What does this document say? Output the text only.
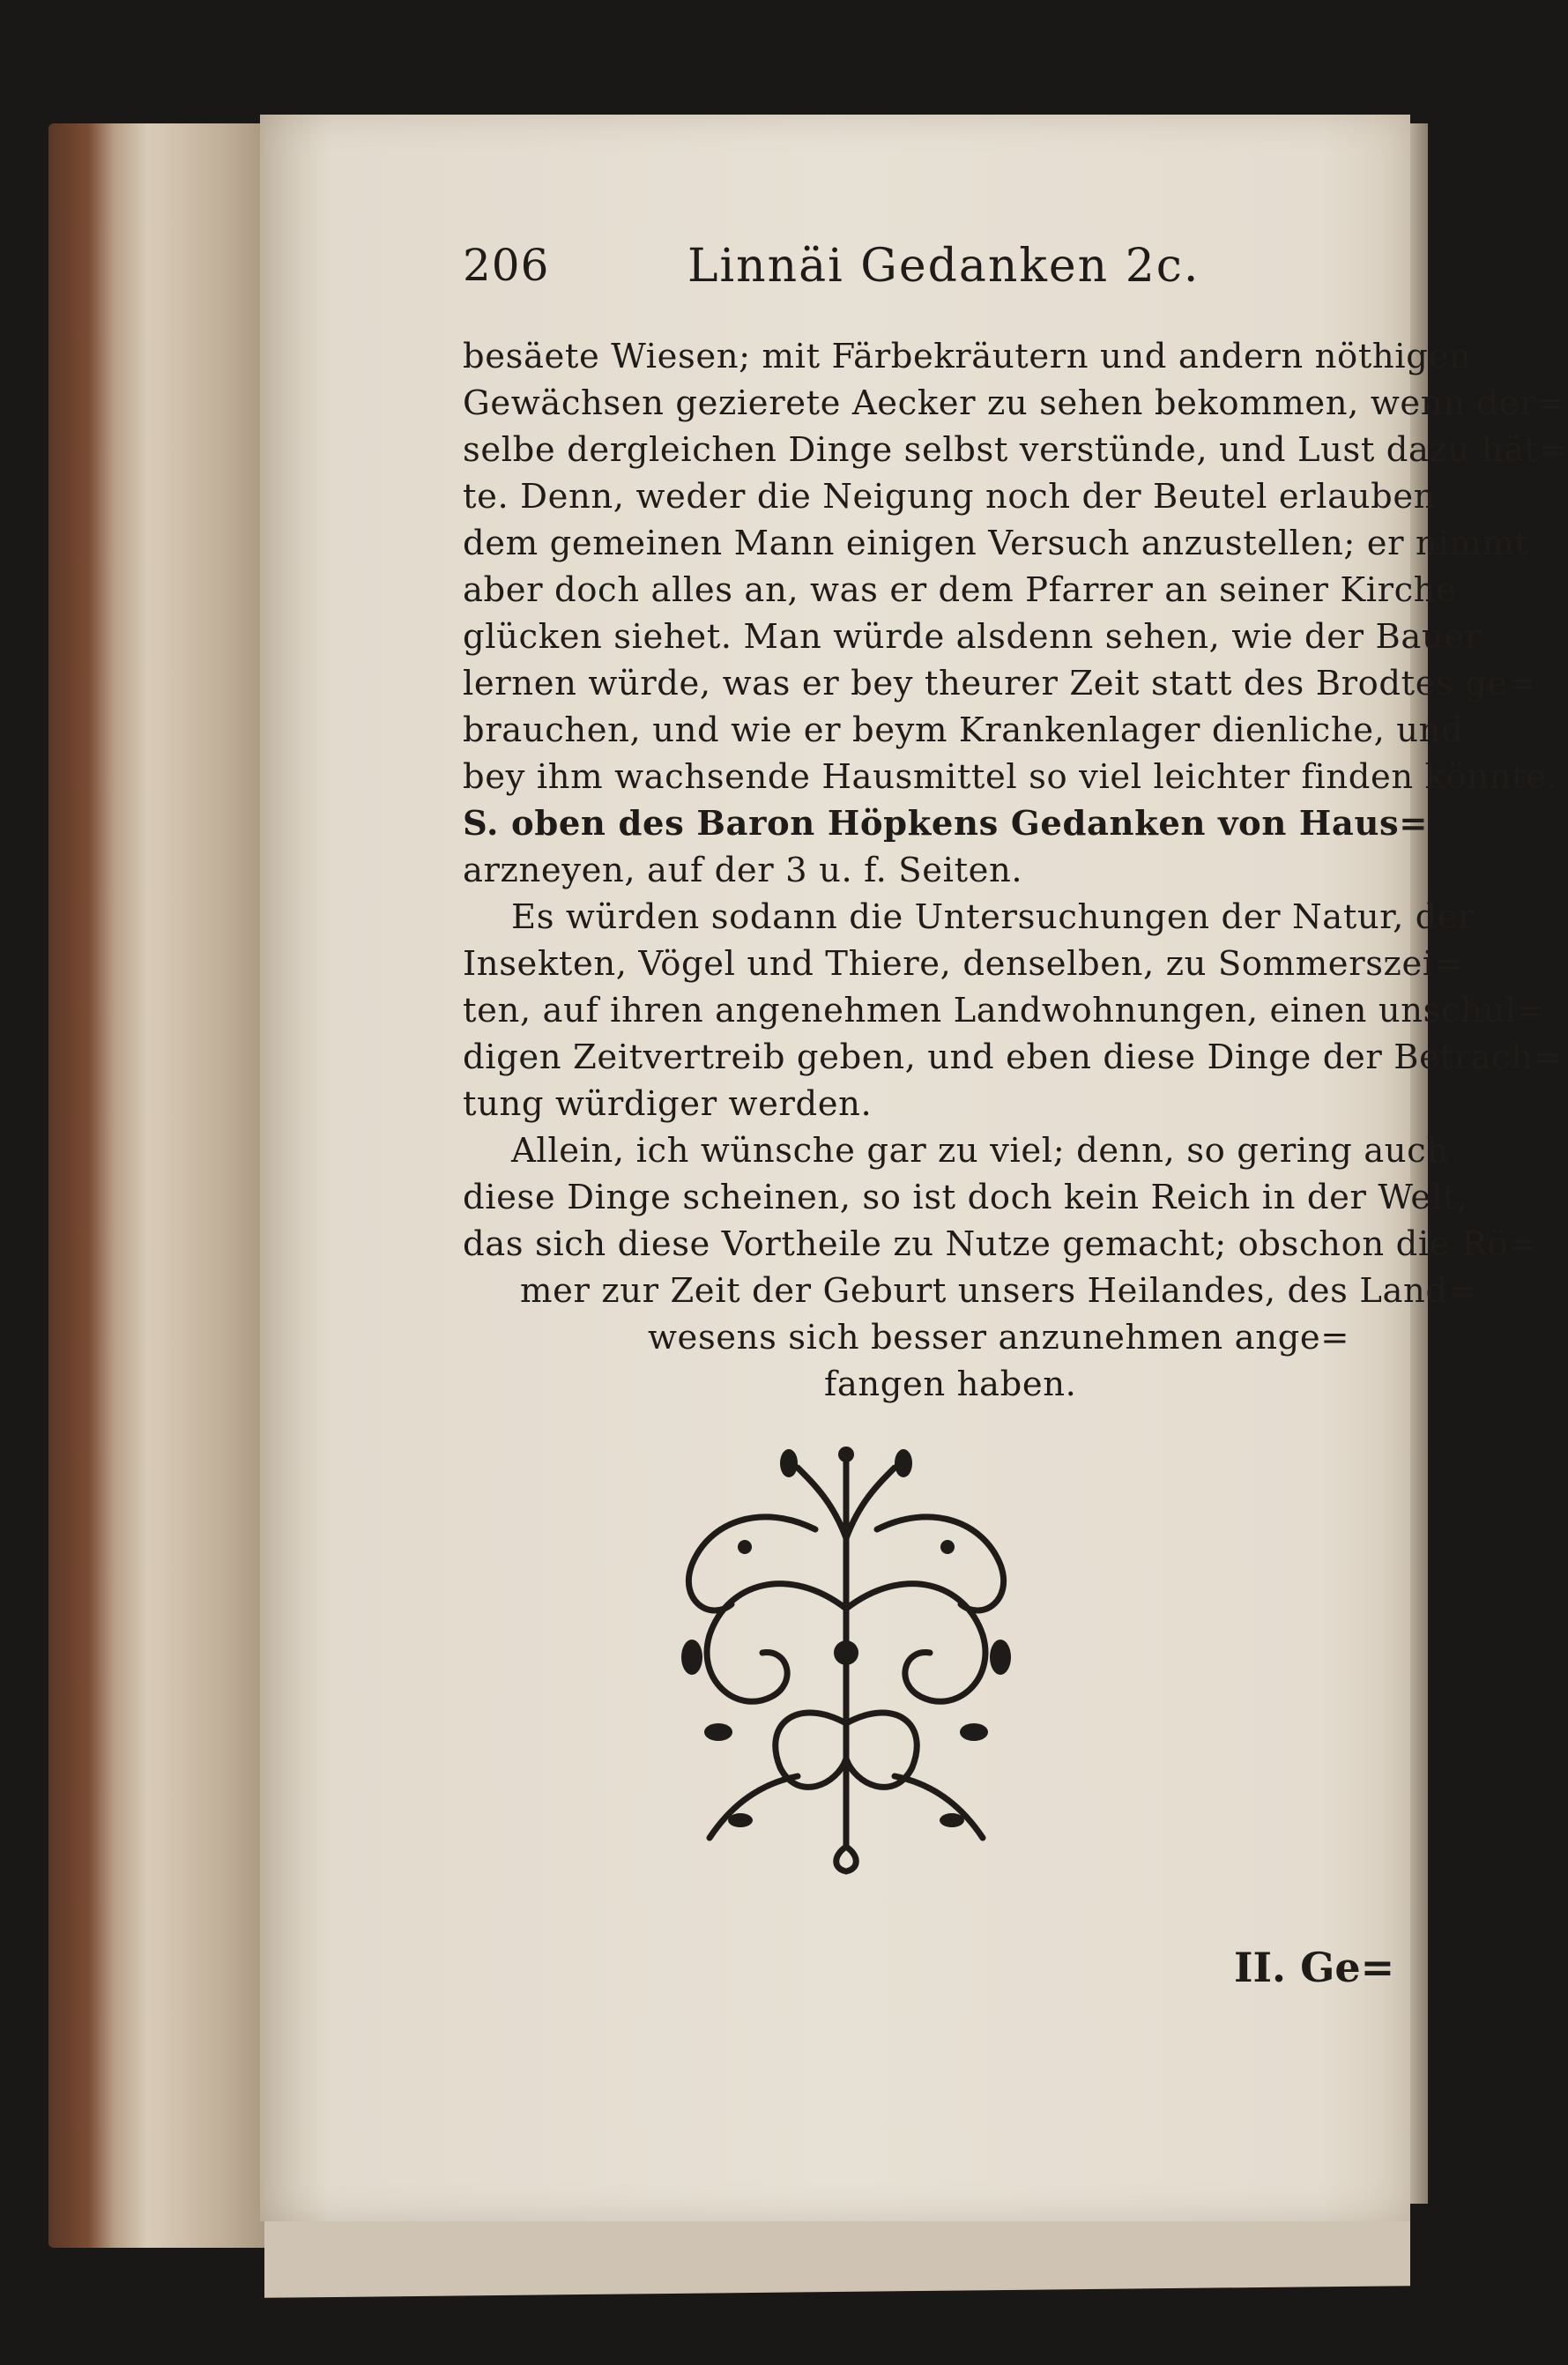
206	Linnäi Gedanken 2c.
besäete Wiesen; mit Färbekräutern und andern nöthigen
Gewächsen gezierete Aecker zu sehen bekommen, wenn der=
selbe dergleichen Dinge selbst verstünde, und Lust dazu hät=
te. Denn, weder die Neigung noch der Beutel erlauben
dem gemeinen Mann einigen Versuch anzustellen; er nimmt
aber doch alles an, was er dem Pfarrer an seiner Kirche
glücken siehet. Man würde alsdenn sehen, wie der Bauer
lernen würde, was er bey theurer Zeit statt des Brodtes ge=
brauchen, und wie er beym Krankenlager dienliche, und
bey ihm wachsende Hausmittel so viel leichter finden könnte.
S. oben des Baron Höpkens Gedanken von Haus=
arzneyen, auf der 3 u. f. Seiten.
Es würden sodann die Untersuchungen der Natur, der
Insekten, Vögel und Thiere, denselben, zu Sommerszei=
ten, auf ihren angenehmen Landwohnungen, einen unschul=
digen Zeitvertreib geben, und eben diese Dinge der Betrach=
tung würdiger werden.
Allein, ich wünsche gar zu viel; denn, so gering auch
diese Dinge scheinen, so ist doch kein Reich in der Welt,
das sich diese Vortheile zu Nutze gemacht; obschon die Rö=
mer zur Zeit der Geburt unsers Heilandes, des Land=
wesens sich besser anzunehmen ange=
fangen haben.
II. Ge=
